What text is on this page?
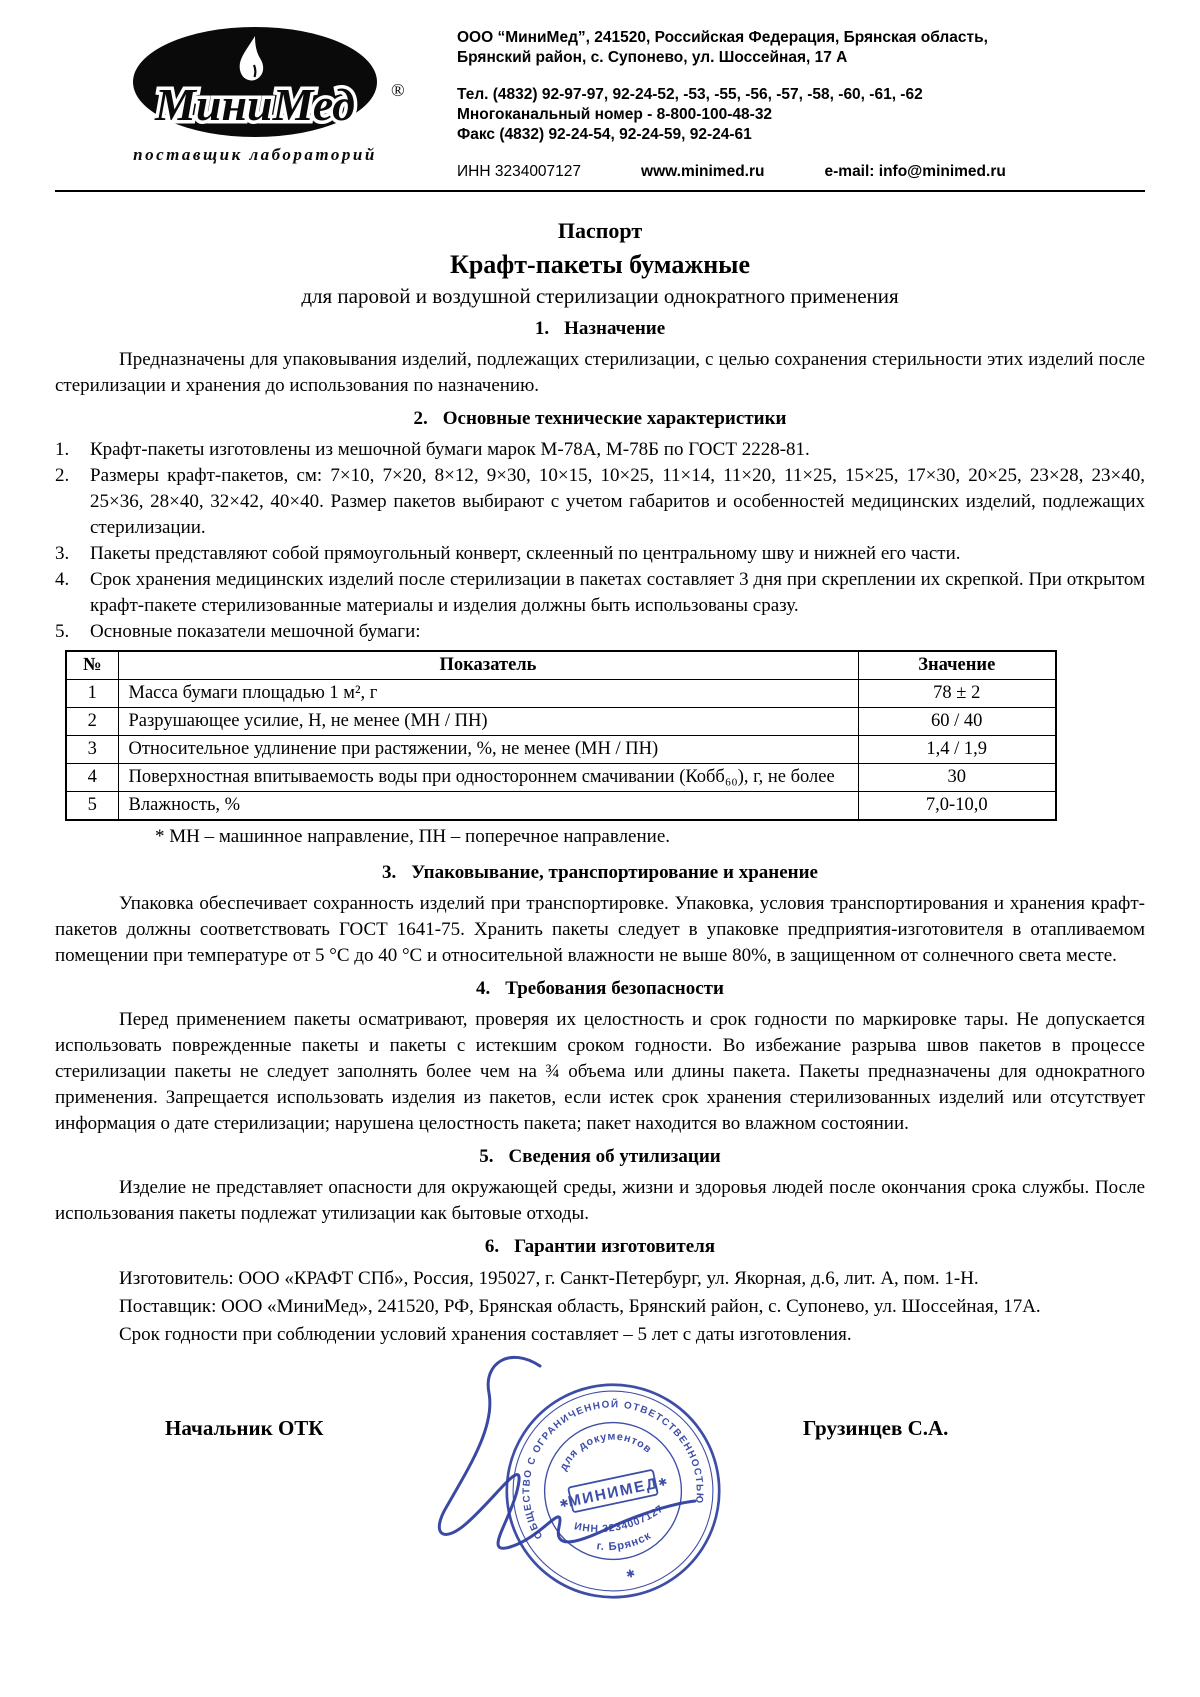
МиниМед ®
поставщик лабораторий
ООО “МиниМед”, 241520, Российская Федерация, Брянская область,
Брянский район, с. Супонево, ул. Шоссейная, 17 А
Тел. (4832) 92-97-97, 92-24-52, -53, -55, -56, -57, -58, -60, -61, -62
Многоканальный номер - 8-800-100-48-32
Факс (4832) 92-24-54, 92-24-59, 92-24-61
ИНН 3234007127	www.minimed.ru	e-mail: info@minimed.ru
Паспорт
Крафт-пакеты бумажные
для паровой и воздушной стерилизации однократного применения
1. Назначение

Предназначены для упаковывания изделий, подлежащих стерилизации, с целью сохранения стерильности этих изделий после стерилизации и хранения до использования по назначению.

2. Основные технические характеристики
1.	Крафт-пакеты изготовлены из мешочной бумаги марок М-78А, М-78Б по ГОСТ 2228-81.
2.	Размеры крафт-пакетов, см: 7×10, 7×20, 8×12, 9×30, 10×15, 10×25, 11×14, 11×20, 11×25, 15×25, 17×30, 20×25, 23×28, 23×40, 25×36, 28×40, 32×42, 40×40. Размер пакетов выбирают с учетом габаритов и особенностей медицинских изделий, подлежащих стерилизации.
3.	Пакеты представляют собой прямоугольный конверт, склеенный по центральному шву и нижней его части.
4.	Срок хранения медицинских изделий после стерилизации в пакетах составляет 3 дня при скреплении их скрепкой. При открытом крафт-пакете стерилизованные материалы и изделия должны быть использованы сразу.
5.	Основные показатели мешочной бумаги:
№	Показатель	Значение
1	Масса бумаги площадью 1 м², г	78 ± 2
2	Разрушающее усилие, Н, не менее (МН / ПН)	60 / 40
3	Относительное удлинение при растяжении, %, не менее (МН / ПН)	1,4 / 1,9
4	Поверхностная впитываемость воды при одностороннем смачивании (Кобб₆₀), г, не более	30
5	Влажность, %	7,0-10,0
* МН – машинное направление, ПН – поперечное направление.
3. Упаковывание, транспортирование и хранение

Упаковка обеспечивает сохранность изделий при транспортировке. Упаковка, условия транспортирования и хранения крафт-пакетов должны соответствовать ГОСТ 1641-75. Хранить пакеты следует в упаковке предприятия-изготовителя в отапливаемом помещении при температуре от 5 °С до 40 °С и относительной влажности не выше 80%, в защищенном от солнечного света месте.

4. Требования безопасности

Перед применением пакеты осматривают, проверяя их целостность и срок годности по маркировке тары. Не допускается использовать поврежденные пакеты и пакеты с истекшим сроком годности. Во избежание разрыва швов пакетов в процессе стерилизации пакеты не следует заполнять более чем на ¾ объема или длины пакета. Пакеты предназначены для однократного применения. Запрещается использовать изделия из пакетов, если истек срок хранения стерилизованных изделий или отсутствует информация о дате стерилизации; нарушена целостность пакета; пакет находится во влажном состоянии.

5. Сведения об утилизации

Изделие не представляет опасности для окружающей среды, жизни и здоровья людей после окончания срока службы. После использования пакеты подлежат утилизации как бытовые отходы.

6. Гарантии изготовителя
Изготовитель: ООО «КРАФТ СПб», Россия, 195027, г. Санкт-Петербург, ул. Якорная, д.6, лит. А, пом. 1-Н.
Поставщик: ООО «МиниМед», 241520, РФ, Брянская область, Брянский район, с. Супонево, ул. Шоссейная, 17А.
Срок годности при соблюдении условий хранения составляет – 5 лет с даты изготовления.
Начальник ОТК	Грузинцев С.А.
ОБЩЕСТВО С ОГРАНИЧЕННОЙ ОТВЕТСТВЕННОСТЬЮ
✱
для документов
✱
✱
МИНИМЕД
ИНН 3234007127
г. Брянск
